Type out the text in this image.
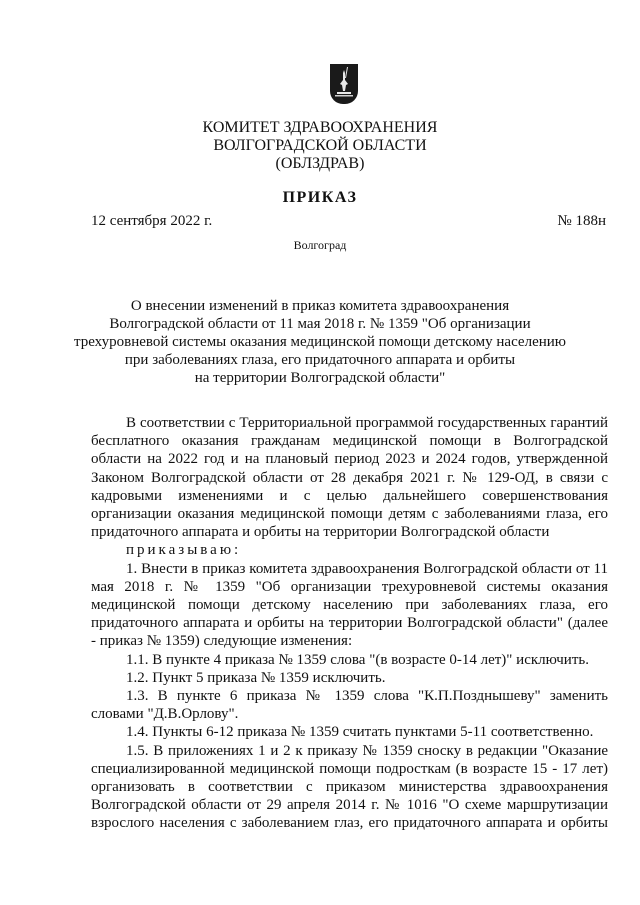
КОМИТЕТ ЗДРАВООХРАНЕНИЯ
ВОЛГОГРАДСКОЙ ОБЛАСТИ
(ОБЛЗДРАВ)
ПРИКАЗ
12 сентября 2022 г.	№ 188н
Волгоград
О внесении изменений в приказ комитета здравоохранения
Волгоградской области от 11 мая 2018 г. № 1359 "Об организации
трехуровневой системы оказания медицинской помощи детскому населению
при заболеваниях глаза, его придаточного аппарата и орбиты
на территории Волгоградской области"
В соответствии с Территориальной программой государственных гарантий бесплатного оказания гражданам медицинской помощи в Волгоградской области на 2022 год и на плановый период 2023 и 2024 годов, утвержденной Законом Волгоградской области от 28 декабря 2021 г. № 129-ОД, в связи с кадровыми изменениями и с целью дальнейшего совершенствования организации оказания медицинской помощи детям с заболеваниями глаза, его придаточного аппарата и орбиты на территории Волгоградской области
приказываю:
1. Внести в приказ комитета здравоохранения Волгоградской области от 11 мая 2018 г. № 1359 "Об организации трехуровневой системы оказания медицинской помощи детскому населению при заболеваниях глаза, его придаточного аппарата и орбиты на территории Волгоградской области" (далее - приказ № 1359) следующие изменения:
1.1. В пункте 4 приказа № 1359 слова "(в возрасте 0-14 лет)" исключить.
1.2. Пункт 5 приказа № 1359 исключить.
1.3. В пункте 6 приказа № 1359 слова "К.П.Позднышеву" заменить словами "Д.В.Орлову".
1.4. Пункты 6-12 приказа № 1359 считать пунктами 5-11 соответственно.
1.5. В приложениях 1 и 2 к приказу № 1359 сноску в редакции "Оказание специализированной медицинской помощи подросткам (в возрасте 15 - 17 лет) организовать в соответствии с приказом министерства здравоохранения Волгоградской области от 29 апреля 2014 г. № 1016 "О схеме маршрутизации взрослого населения с заболеванием глаз, его придаточного аппарата и орбиты
